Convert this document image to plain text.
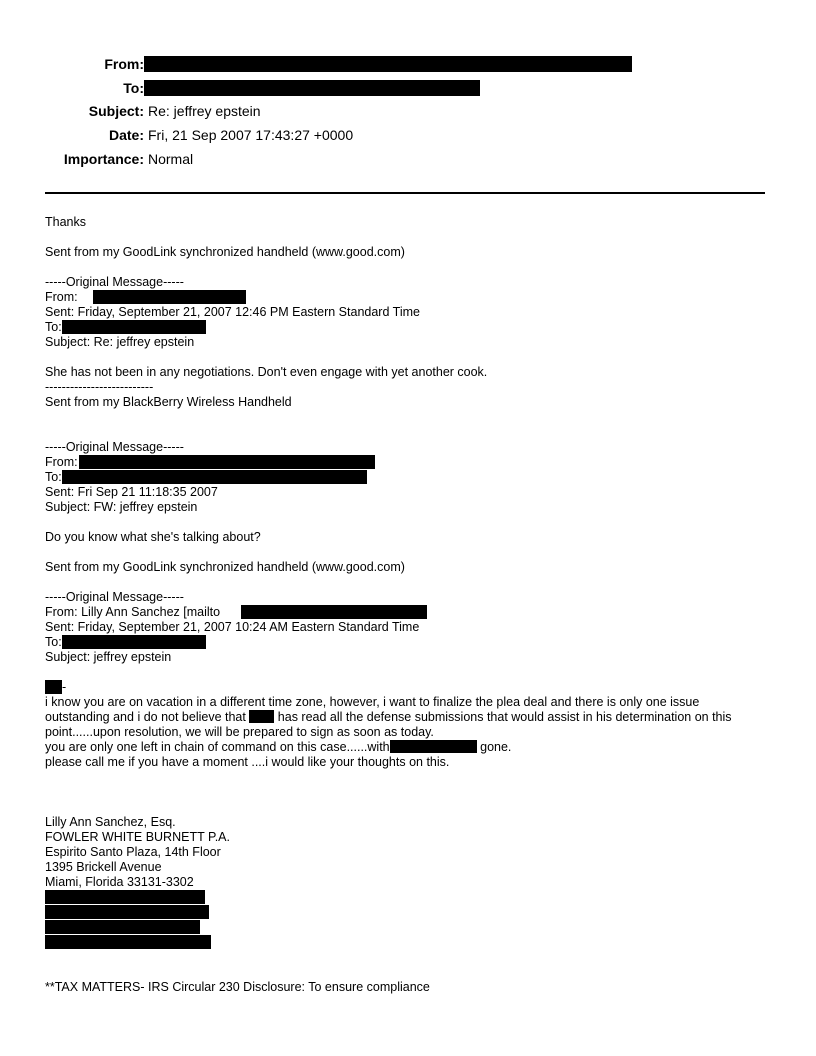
From:
To:
Subject: Re: jeffrey epstein
Date: Fri, 21 Sep 2007 17:43:27 +0000
Importance: Normal
Thanks
Sent from my GoodLink synchronized handheld (www.good.com)
-----Original Message-----
From:
Sent: Friday, September 21, 2007 12:46 PM Eastern Standard Time
To:
Subject: Re: jeffrey epstein
She has not been in any negotiations. Don't even engage with yet another cook.
--------------------------
Sent from my BlackBerry Wireless Handheld
-----Original Message-----
From:
To:
Sent: Fri Sep 21 11:18:35 2007
Subject: FW: jeffrey epstein
Do you know what she's talking about?
Sent from my GoodLink synchronized handheld (www.good.com)
-----Original Message-----
From: Lilly Ann Sanchez [mailto
Sent: Friday, September 21, 2007 10:24 AM Eastern Standard Time
To:
Subject: jeffrey epstein
-
i know you are on vacation in a different time zone, however, i want to finalize the plea deal and there is only one issue outstanding and i do not believe that  has read all the defense submissions that would assist in his determination on this point......upon resolution, we will be prepared to sign as soon as today.
you are only one left in chain of command on this case......with	gone.
please call me if you have a moment ....i would like your thoughts on this.
Lilly Ann Sanchez, Esq.
FOWLER WHITE BURNETT P.A.
Espirito Santo Plaza, 14th Floor
1395 Brickell Avenue
Miami, Florida 33131-3302
**TAX MATTERS- IRS Circular 230 Disclosure: To ensure compliance
